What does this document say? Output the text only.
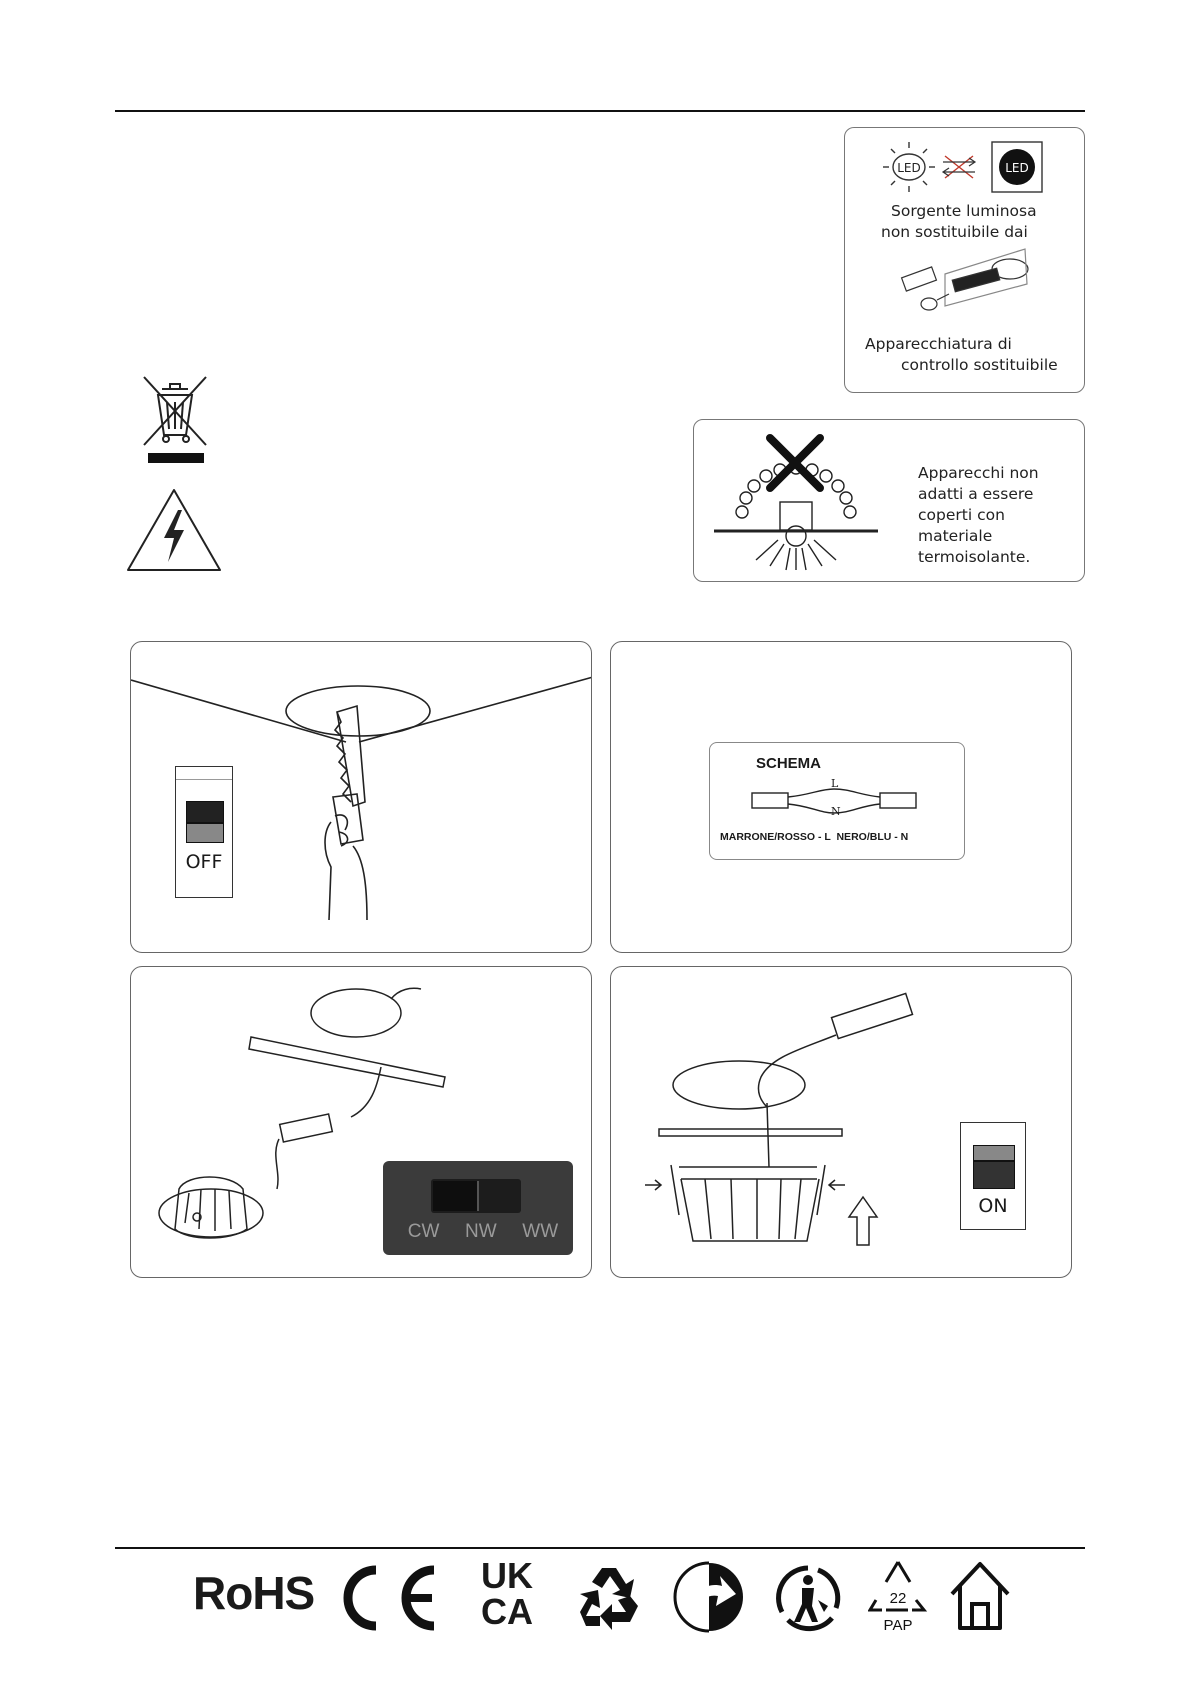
LED	LED
Sorgente luminosa
non sostituibile dai
Apparecchiatura di
controllo sostituibile
Apparecchi non
adatti a essere
coperti con
materiale
termoisolante.
OFF
SCHEMA
L
N
MARRONE/ROSSO - L  NERO/BLU - N
CW NW WW
ON
RoHS	UK
CA	22
PAP
